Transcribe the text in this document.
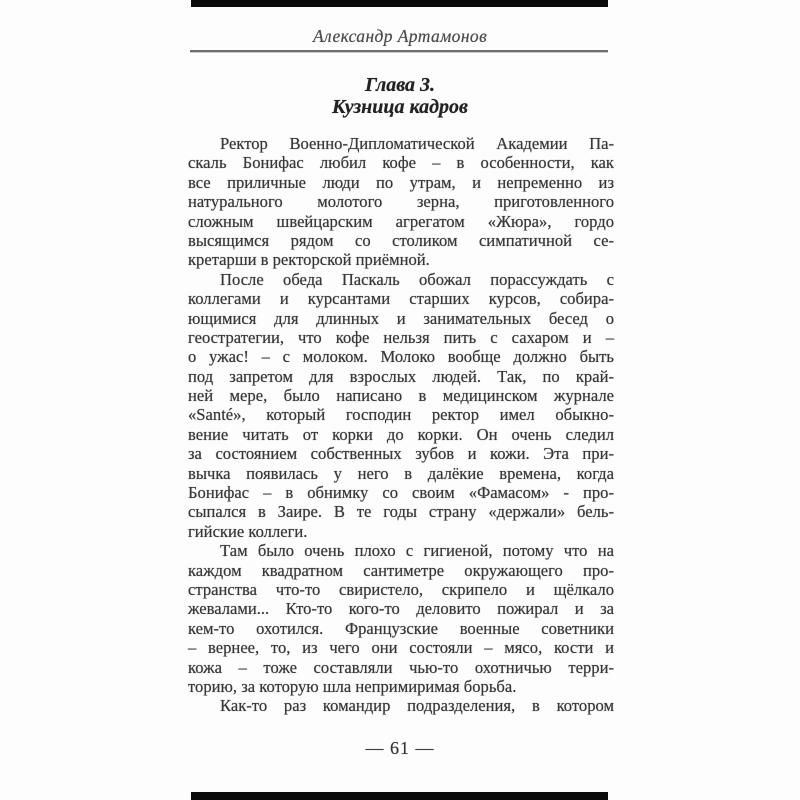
Александр Артамонов
Глава 3.
Кузница кадров
Ректор Военно-Дипломатической Академии Па-
скаль Бонифас любил кофе – в особенности, как
все приличные люди по утрам, и непременно из
натурального молотого зерна, приготовленного
сложным швейцарским агрегатом «Жюра», гордо
высящимся рядом со столиком симпатичной се-
кретарши в ректорской приёмной.
После обеда Паскаль обожал порассуждать с
коллегами и курсантами старших курсов, собира-
ющимися для длинных и занимательных бесед о
геостратегии, что кофе нельзя пить с сахаром и –
о ужас! – с молоком. Молоко вообще должно быть
под запретом для взрослых людей. Так, по край-
ней мере, было написано в медицинском журнале
«Santé», который господин ректор имел обыкно-
вение читать от корки до корки. Он очень следил
за состоянием собственных зубов и кожи. Эта при-
вычка появилась у него в далёкие времена, когда
Бонифас – в обнимку со своим «Фамасом» - про-
сыпался в Заире. В те годы страну «держали» бель-
гийские коллеги.
Там было очень плохо с гигиеной, потому что на
каждом квадратном сантиметре окружающего про-
странства что-то свиристело, скрипело и щёлкало
жевалами... Кто-то кого-то деловито пожирал и за
кем-то охотился. Французские военные советники
– вернее, то, из чего они состояли – мясо, кости и
кожа – тоже составляли чью-то охотничью терри-
торию, за которую шла непримиримая борьба.
Как-то раз командир подразделения, в котором
— 61 —
